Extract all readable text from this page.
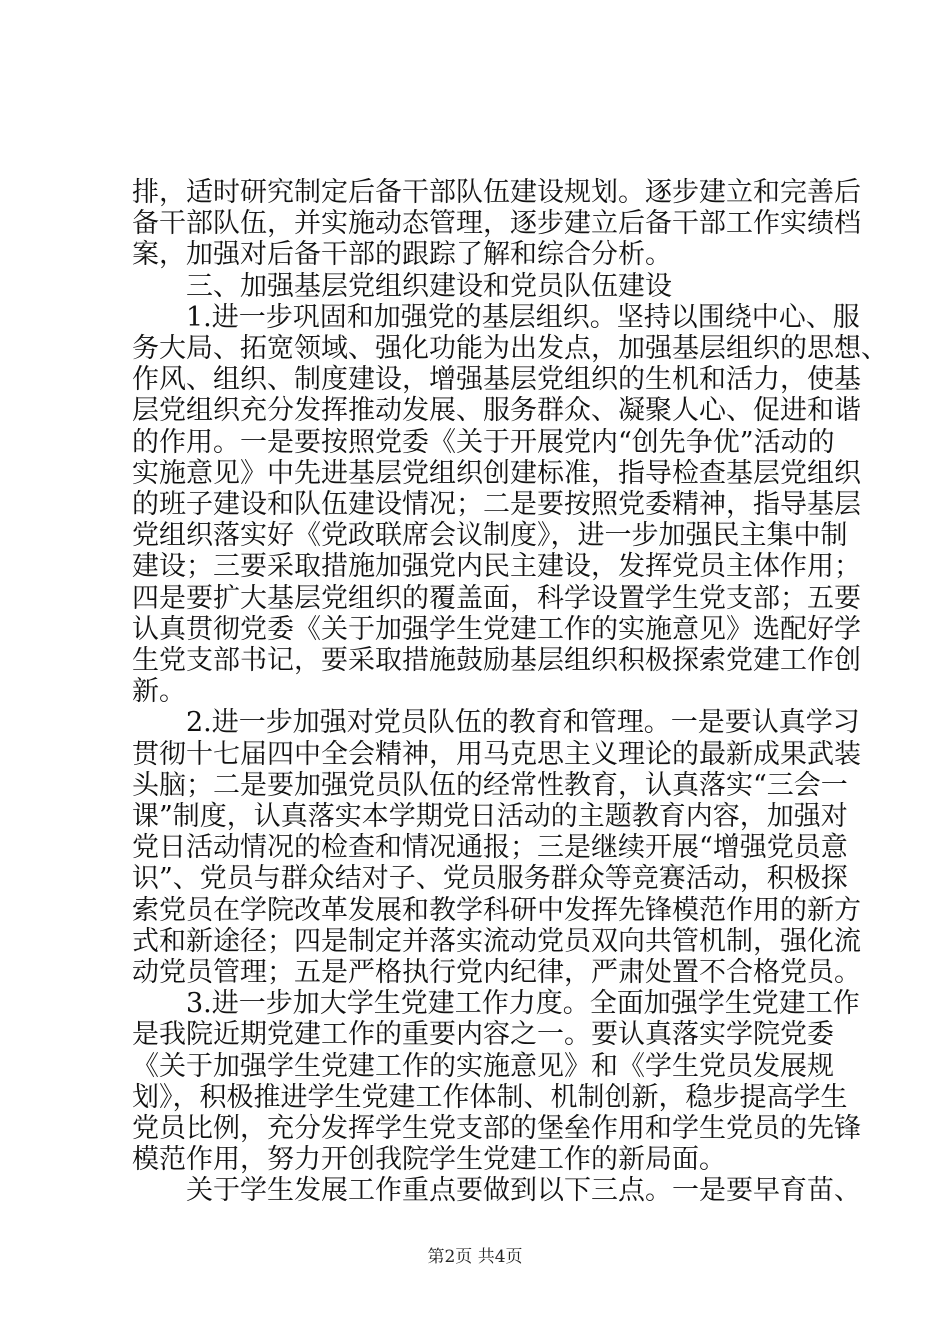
排，适时研究制定后备干部队伍建设规划。逐步建立和完善后
备干部队伍，并实施动态管理，逐步建立后备干部工作实绩档
案，加强对后备干部的跟踪了解和综合分析。
　　三、加强基层党组织建设和党员队伍建设
　　1.进一步巩固和加强党的基层组织。坚持以围绕中心、服
务大局、拓宽领域、强化功能为出发点，加强基层组织的思想、
作风、组织、制度建设，增强基层党组织的生机和活力，使基
层党组织充分发挥推动发展、服务群众、凝聚人心、促进和谐
的作用。一是要按照党委《关于开展党内“创先争优”活动的
实施意见》中先进基层党组织创建标准，指导检查基层党组织
的班子建设和队伍建设情况；二是要按照党委精神，指导基层
党组织落实好《党政联席会议制度》，进一步加强民主集中制
建设；三要采取措施加强党内民主建设，发挥党员主体作用；
四是要扩大基层党组织的覆盖面，科学设置学生党支部；五要
认真贯彻党委《关于加强学生党建工作的实施意见》选配好学
生党支部书记，要采取措施鼓励基层组织积极探索党建工作创
新。
　　2.进一步加强对党员队伍的教育和管理。一是要认真学习
贯彻十七届四中全会精神，用马克思主义理论的最新成果武装
头脑；二是要加强党员队伍的经常性教育，认真落实“三会一
课”制度，认真落实本学期党日活动的主题教育内容，加强对
党日活动情况的检查和情况通报；三是继续开展“增强党员意
识”、党员与群众结对子、党员服务群众等竞赛活动，积极探
索党员在学院改革发展和教学科研中发挥先锋模范作用的新方
式和新途径；四是制定并落实流动党员双向共管机制，强化流
动党员管理；五是严格执行党内纪律，严肃处置不合格党员。
　　3.进一步加大学生党建工作力度。全面加强学生党建工作
是我院近期党建工作的重要内容之一。要认真落实学院党委
《关于加强学生党建工作的实施意见》和《学生党员发展规
划》，积极推进学生党建工作体制、机制创新，稳步提高学生
党员比例，充分发挥学生党支部的堡垒作用和学生党员的先锋
模范作用，努力开创我院学生党建工作的新局面。
　　关于学生发展工作重点要做到以下三点。一是要早育苗、
第2页 共4页
